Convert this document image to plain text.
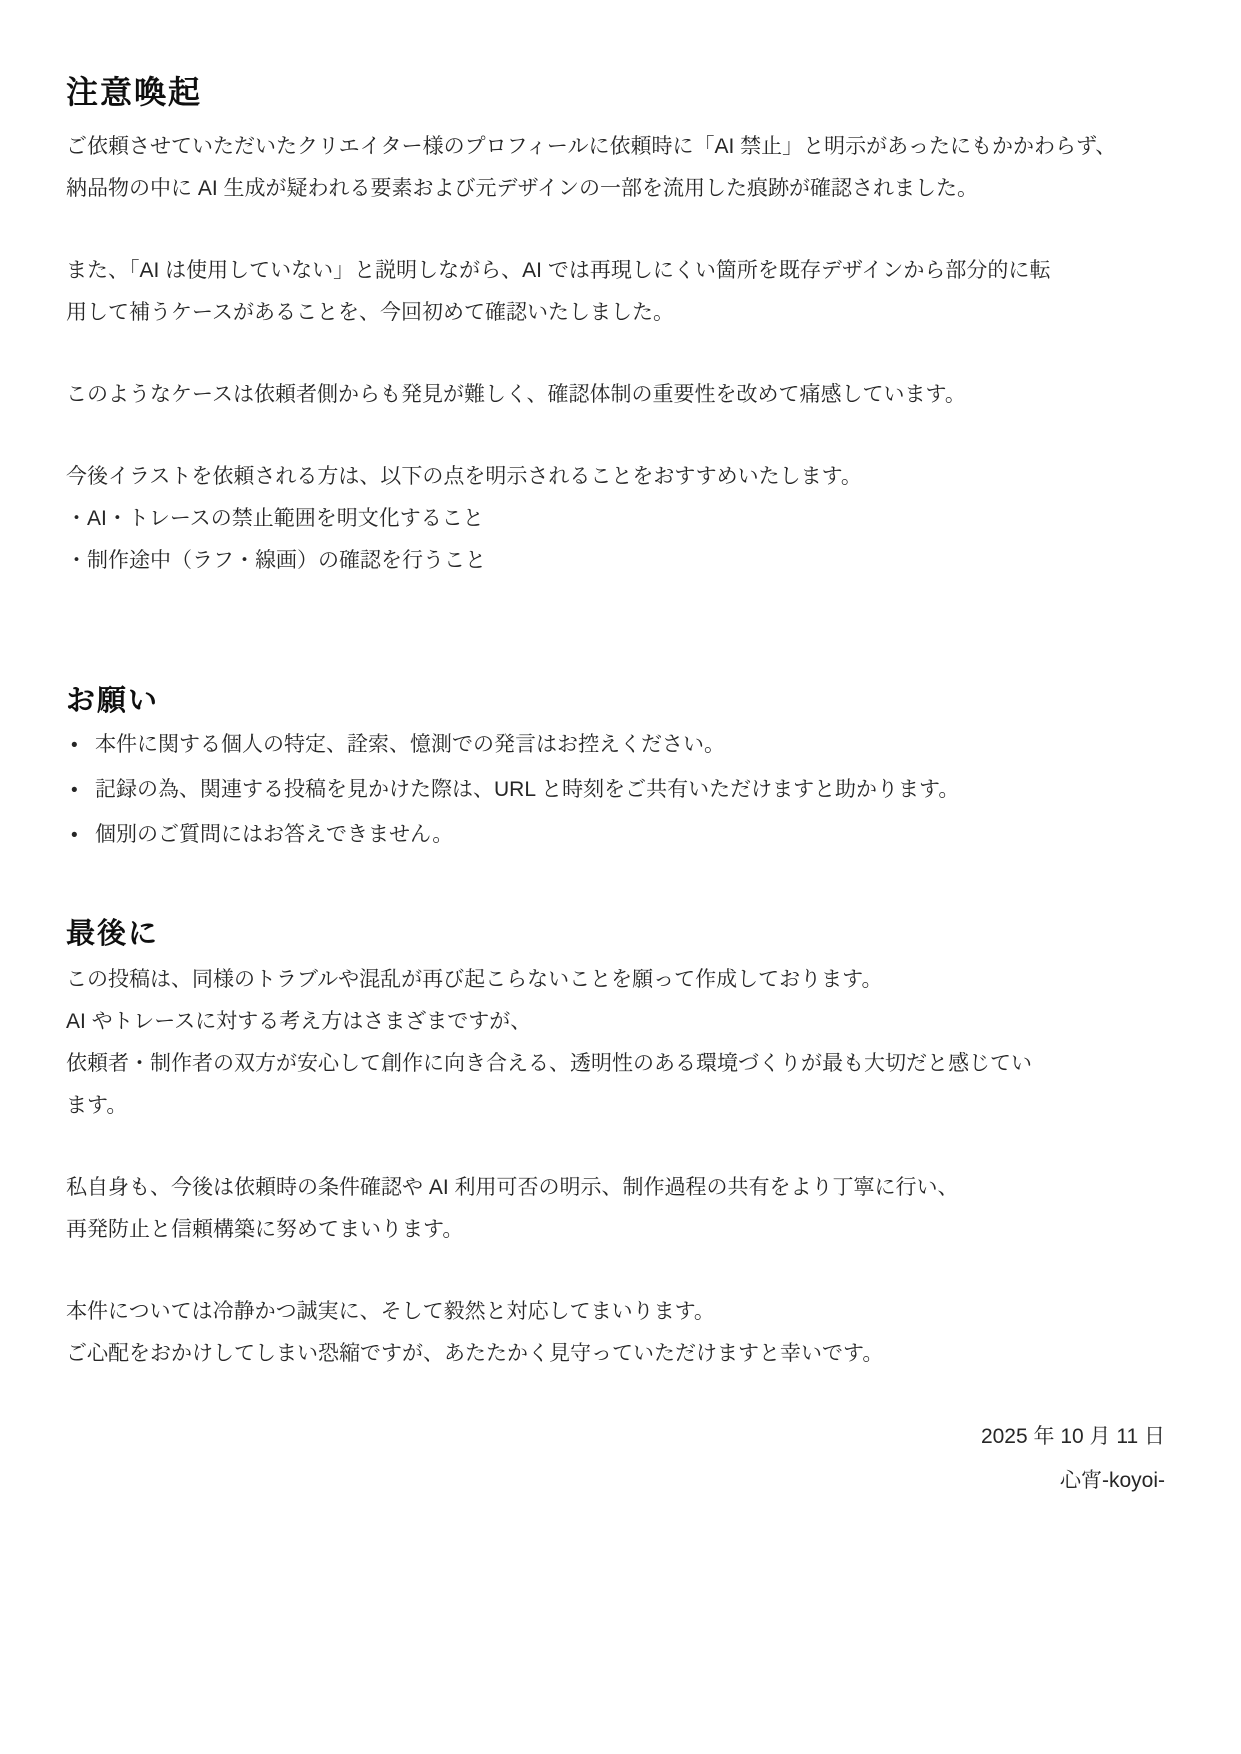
注意喚起
ご依頼させていただいたクリエイター様のプロフィールに依頼時に「AI 禁止」と明示があったにもかかわらず、
納品物の中に AI 生成が疑われる要素および元デザインの一部を流用した痕跡が確認されました。
また、「AI は使用していない」と説明しながら、AI では再現しにくい箇所を既存デザインから部分的に転
用して補うケースがあることを、今回初めて確認いたしました。
このようなケースは依頼者側からも発見が難しく、確認体制の重要性を改めて痛感しています。
今後イラストを依頼される方は、以下の点を明示されることをおすすめいたします。
・AI・トレースの禁止範囲を明文化すること
・制作途中（ラフ・線画）の確認を行うこと
お願い
• 本件に関する個人の特定、詮索、憶測での発言はお控えください。
• 記録の為、関連する投稿を見かけた際は、URL と時刻をご共有いただけますと助かります。
• 個別のご質問にはお答えできません。
最後に
この投稿は、同様のトラブルや混乱が再び起こらないことを願って作成しております。
AI やトレースに対する考え方はさまざまですが、
依頼者・制作者の双方が安心して創作に向き合える、透明性のある環境づくりが最も大切だと感じてい
ます。
私自身も、今後は依頼時の条件確認や AI 利用可否の明示、制作過程の共有をより丁寧に行い、
再発防止と信頼構築に努めてまいります。
本件については冷静かつ誠実に、そして毅然と対応してまいります。
ご心配をおかけしてしまい恐縮ですが、あたたかく見守っていただけますと幸いです。
2025 年 10 月 11 日
心宵-koyoi-
